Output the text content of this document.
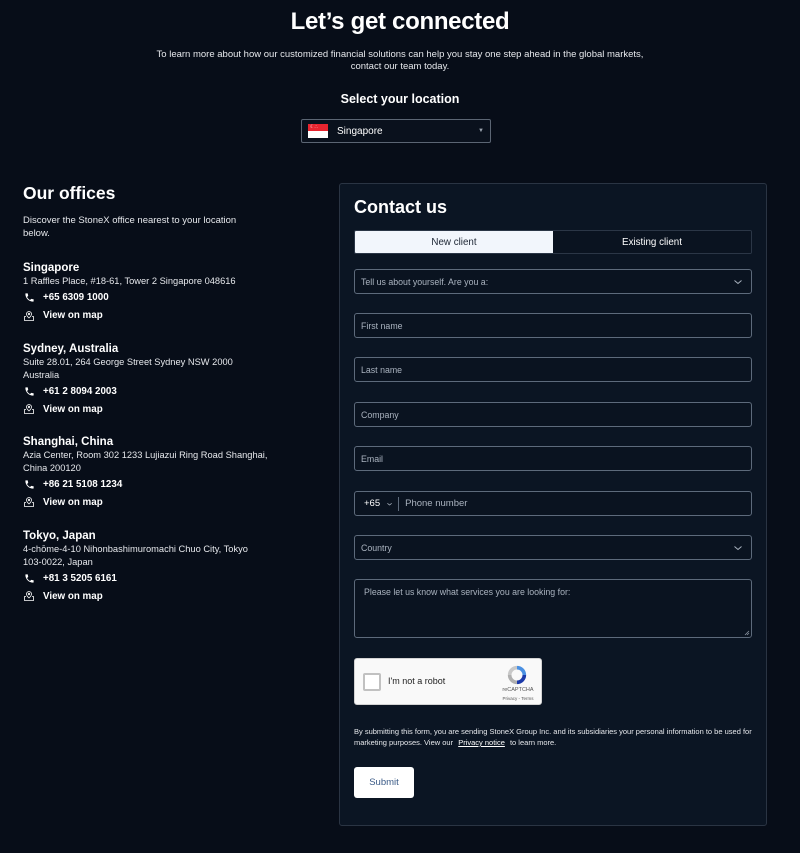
Let’s get connected
To learn more about how our customized financial solutions can help you stay one step ahead in the global markets,
contact our team today.
Select your location
☾∴ Singapore	▼
Our offices
Discover the StoneX office nearest to your location below.
Singapore
1 Raffles Place, #18-61, Tower 2 Singapore 048616
+65 6309 1000
View on map
Sydney, Australia
Suite 28.01, 264 George Street Sydney NSW 2000 Australia
+61 2 8094 2003
View on map
Shanghai, China
Azia Center, Room 302 1233 Lujiazui Ring Road Shanghai, China 200120
+86 21 5108 1234
View on map
Tokyo, Japan
4-chōme-4-10 Nihonbashimuromachi Chuo City, Tokyo 103-0022, Japan
+81 3 5205 6161
View on map
Contact us
New client	Existing client
Tell us about yourself. Are you a:
First name
Last name
Company
Email
+65
Phone number
Country
Please let us know what services you are looking for:
I'm not a robot
reCAPTCHA
Privacy - Terms
By submitting this form, you are sending StoneX Group Inc. and its subsidiaries your personal information to be used for marketing purposes. View our Privacy notice to learn more.
Submit
